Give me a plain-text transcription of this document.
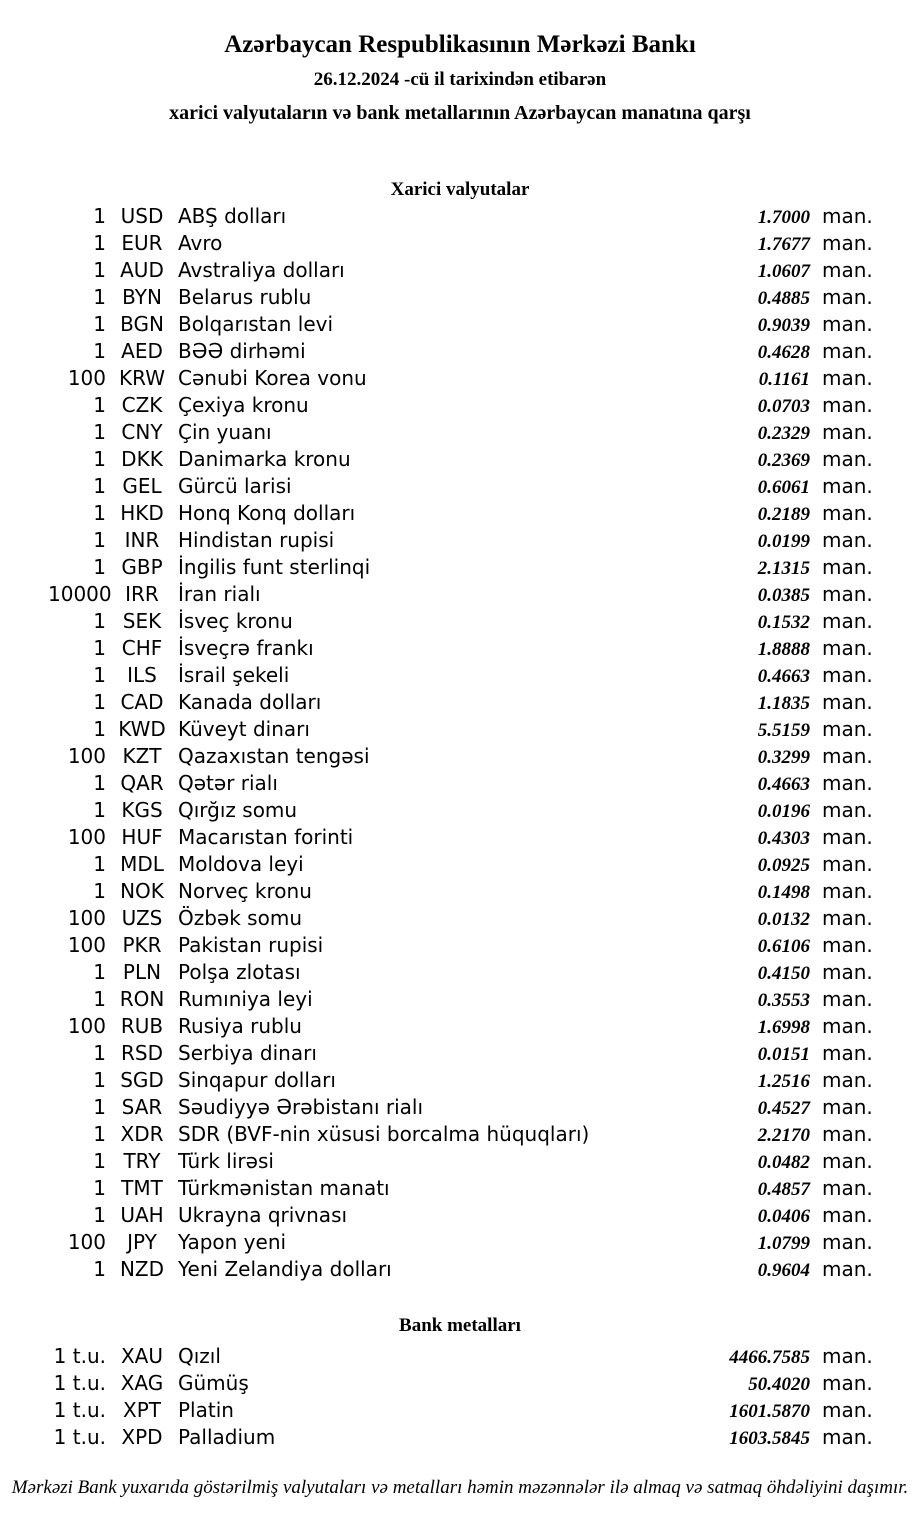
Azərbaycan Respublikasının Mərkəzi Bankı
26.12.2024 -cü il tarixindən etibarən
xarici valyutaların və bank metallarının Azərbaycan manatına qarşı
Xarici valyutalar
1 USD ABŞ dolları	1.7000 man.
1 EUR Avro	1.7677 man.
1 AUD Avstraliya dolları	1.0607 man.
1 BYN Belarus rublu	0.4885 man.
1 BGN Bolqarıstan levi	0.9039 man.
1 AED BƏƏ dirhəmi	0.4628 man.
100 KRW Cənubi Korea vonu	0.1161 man.
1 CZK Çexiya kronu	0.0703 man.
1 CNY Çin yuanı	0.2329 man.
1 DKK Danimarka kronu	0.2369 man.
1 GEL Gürcü larisi	0.6061 man.
1 HKD Honq Konq dolları	0.2189 man.
1 INR Hindistan rupisi	0.0199 man.
1 GBP İngilis funt sterlinqi	2.1315 man.
10000 IRR İran rialı	0.0385 man.
1 SEK İsveç kronu	0.1532 man.
1 CHF İsveçrə frankı	1.8888 man.
1	ILS	İsrail şekeli	0.4663 man.
1 CAD Kanada dolları	1.1835 man.
1 KWD Küveyt dinarı	5.5159 man.
100 KZT Qazaxıstan tengəsi	0.3299 man.
1 QAR Qətər rialı	0.4663 man.
1 KGS Qırğız somu	0.0196 man.
100 HUF Macarıstan forinti	0.4303 man.
1 MDL Moldova leyi	0.0925 man.
1 NOK Norveç kronu	0.1498 man.
100 UZS Özbək somu	0.0132 man.
100 PKR Pakistan rupisi	0.6106 man.
1 PLN Polşa zlotası	0.4150 man.
1 RON Rumıniya leyi	0.3553 man.
100 RUB Rusiya rublu	1.6998 man.
1 RSD Serbiya dinarı	0.0151 man.
1 SGD Sinqapur dolları	1.2516 man.
1 SAR Səudiyyə Ərəbistanı rialı	0.4527 man.
1 XDR SDR (BVF-nin xüsusi borcalma hüquqları)	2.2170 man.
1 TRY Türk lirəsi	0.0482 man.
1 TMT Türkmənistan manatı	0.4857 man.
1 UAH Ukrayna qrivnası	0.0406 man.
100	JPY	Yapon yeni	1.0799 man.
1 NZD Yeni Zelandiya dolları	0.9604 man.
Bank metalları
1 t.u. XAU Qızıl	4466.7585 man.
1 t.u. XAG Gümüş	50.4020 man.
1 t.u. XPT Platin	1601.5870 man.
1 t.u. XPD Palladium	1603.5845 man.
Mərkəzi Bank yuxarıda göstərilmiş valyutaları və metalları həmin məzənnələr ilə almaq və satmaq öhdəliyini daşımır.
